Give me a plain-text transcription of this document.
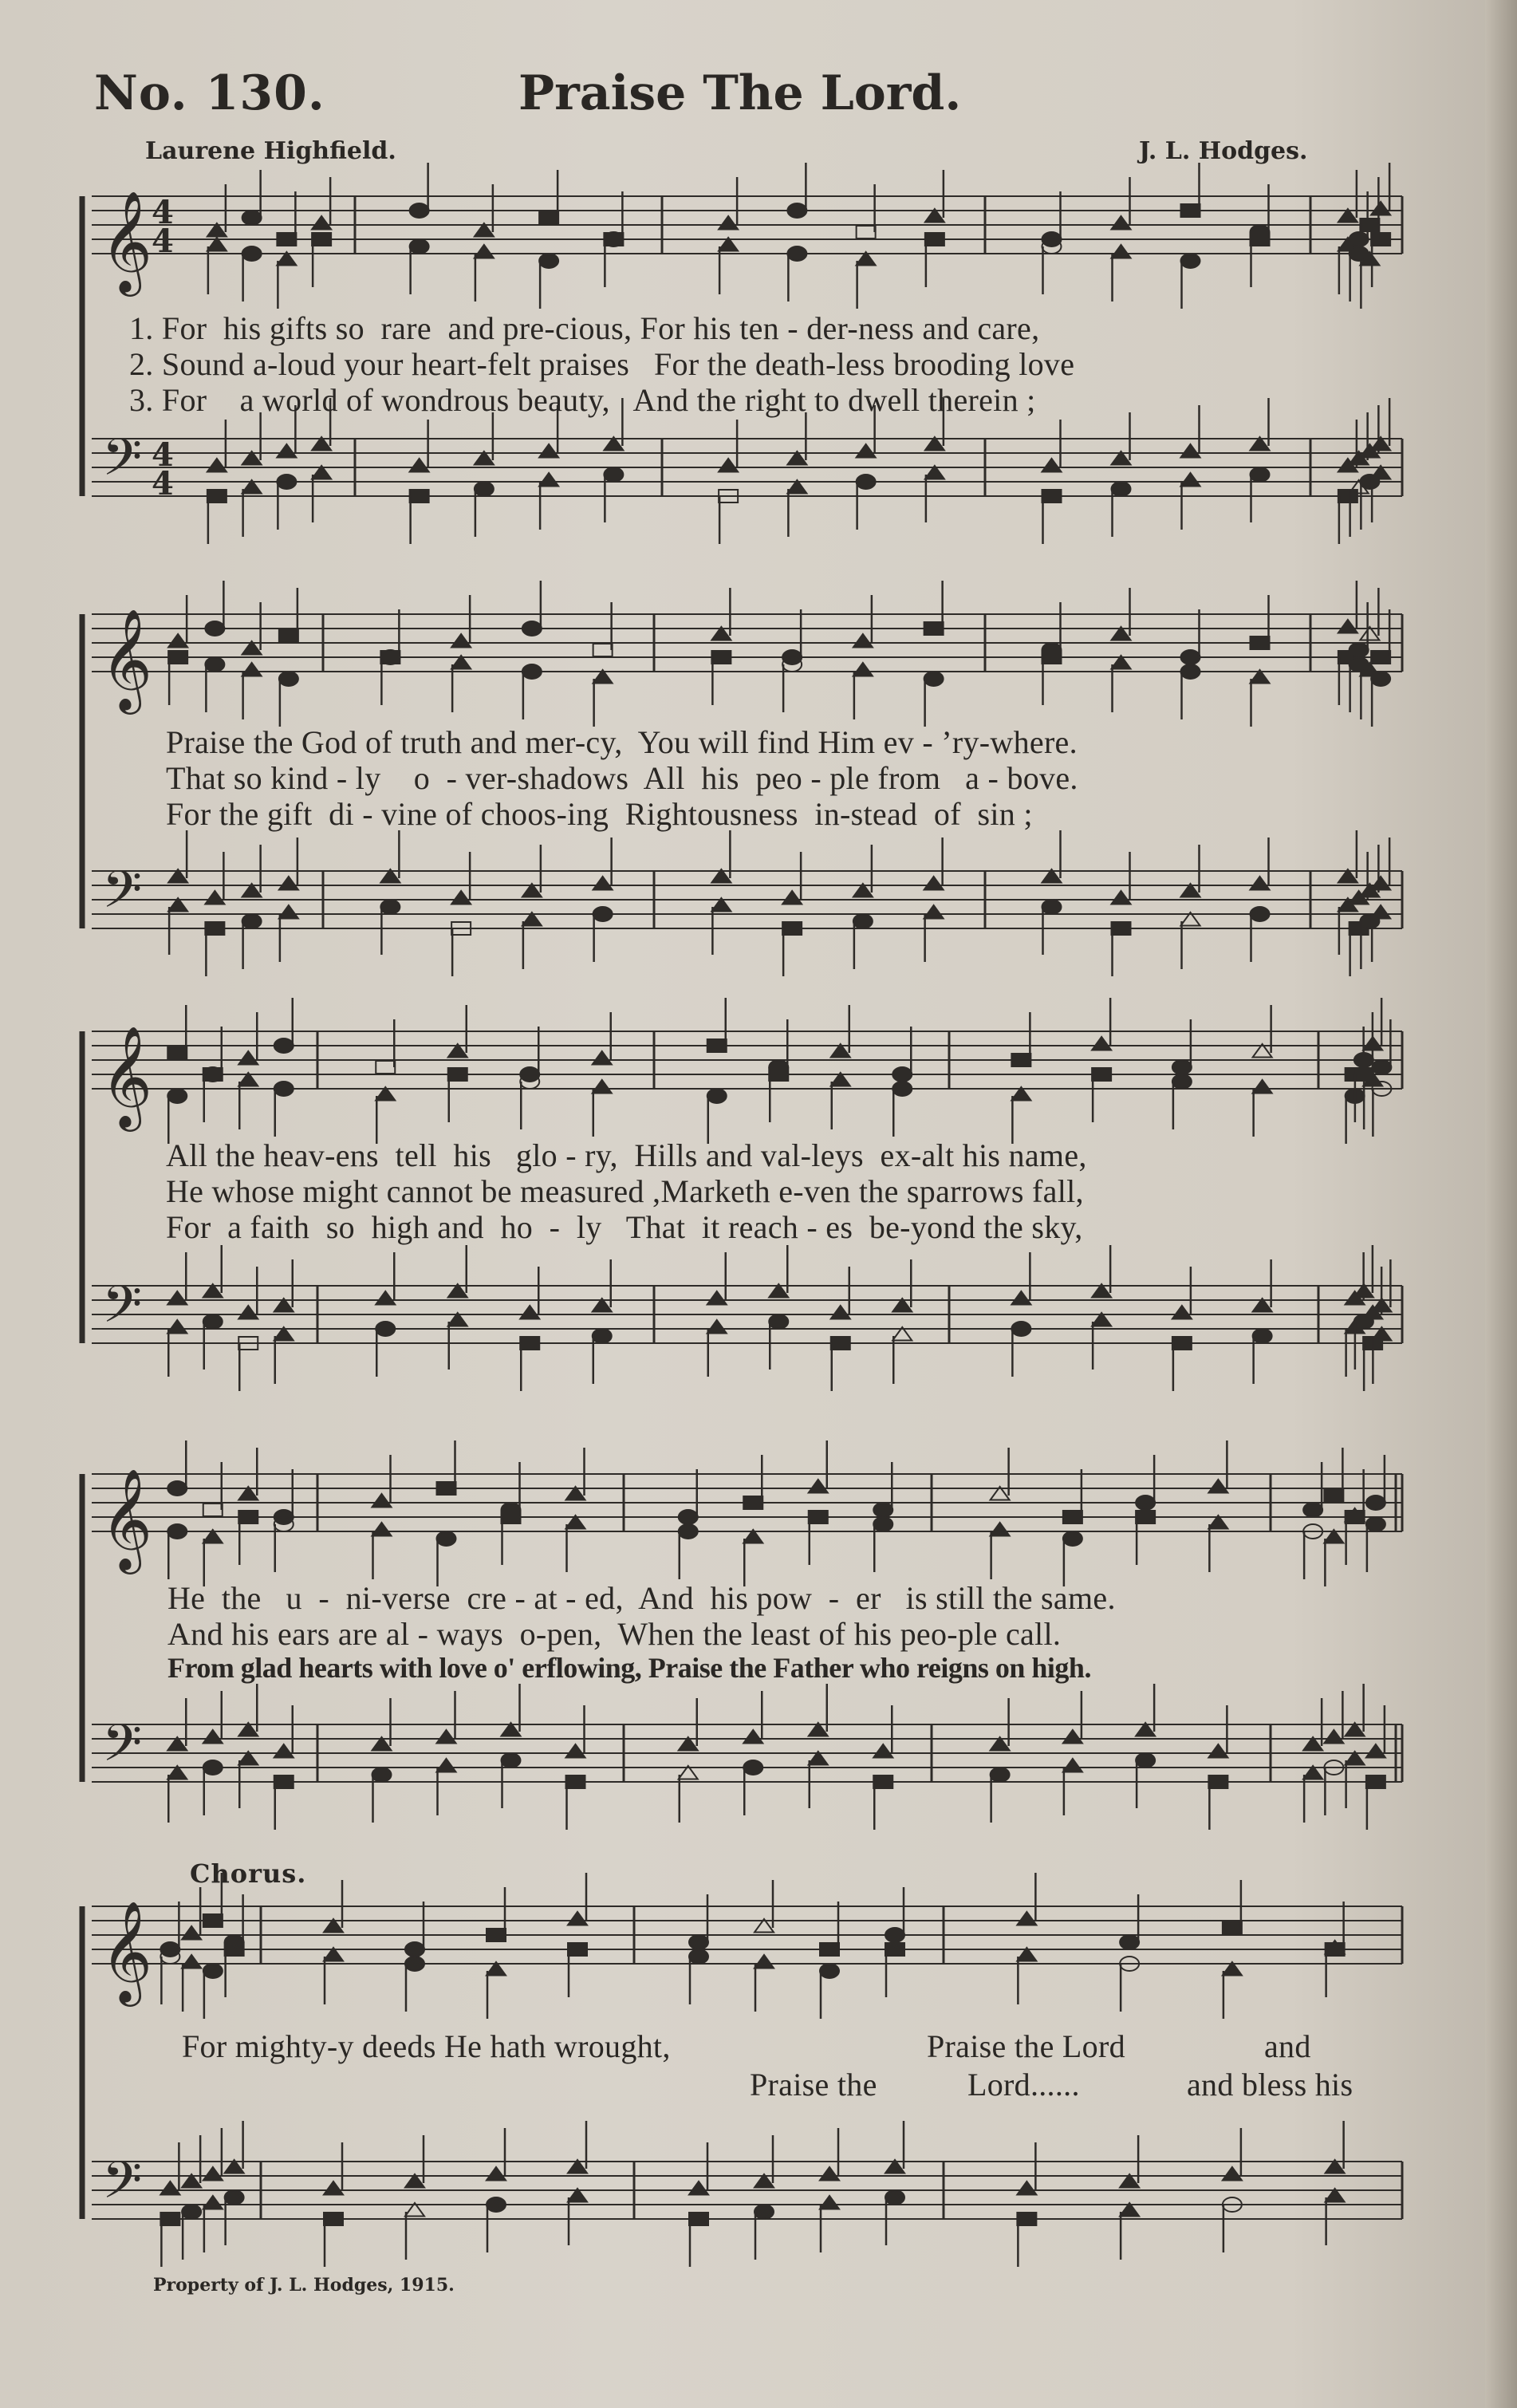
No. 130.	Praise The Lord.
Laurene Highfield.	J. L. Hodges.
𝄞
𝄢
4
4
4
4
𝄞
𝄢
𝄞
𝄢
𝄞
𝄢
𝄞
𝄢
1. For  his gifts so  rare  and pre-cious, For his ten - der-ness and care,
2. Sound a-loud your heart-felt praises   For the death-less brooding love
3. For    a world of wondrous beauty,   And the right to dwell therein ;
Praise the God of truth and mer-cy,  You will find Him ev - ’ry-where.
That so kind - ly    o  - ver-shadows  All  his  peo - ple from   a - bove.
For the gift  di - vine of choos-ing  Rightousness  in-stead  of  sin ;
All the heav-ens  tell  his   glo - ry,  Hills and val-leys  ex-alt his name,
He whose might cannot be measured ,Marketh e-ven the sparrows fall,
For  a faith  so  high and  ho  -  ly   That  it reach - es  be-yond the sky,
He  the   u  -  ni-verse  cre - at - ed,  And  his pow  -  er   is still the same.
And his ears are al - ways  o-pen,  When the least of his peo-ple call.
From glad hearts with love o' erflowing, Praise the Father who reigns on high.
Chorus.
For mighty-y deeds He hath wrought,	Praise the Lord	and
Praise the	Lord......	and bless his
Property of J. L. Hodges, 1915.
